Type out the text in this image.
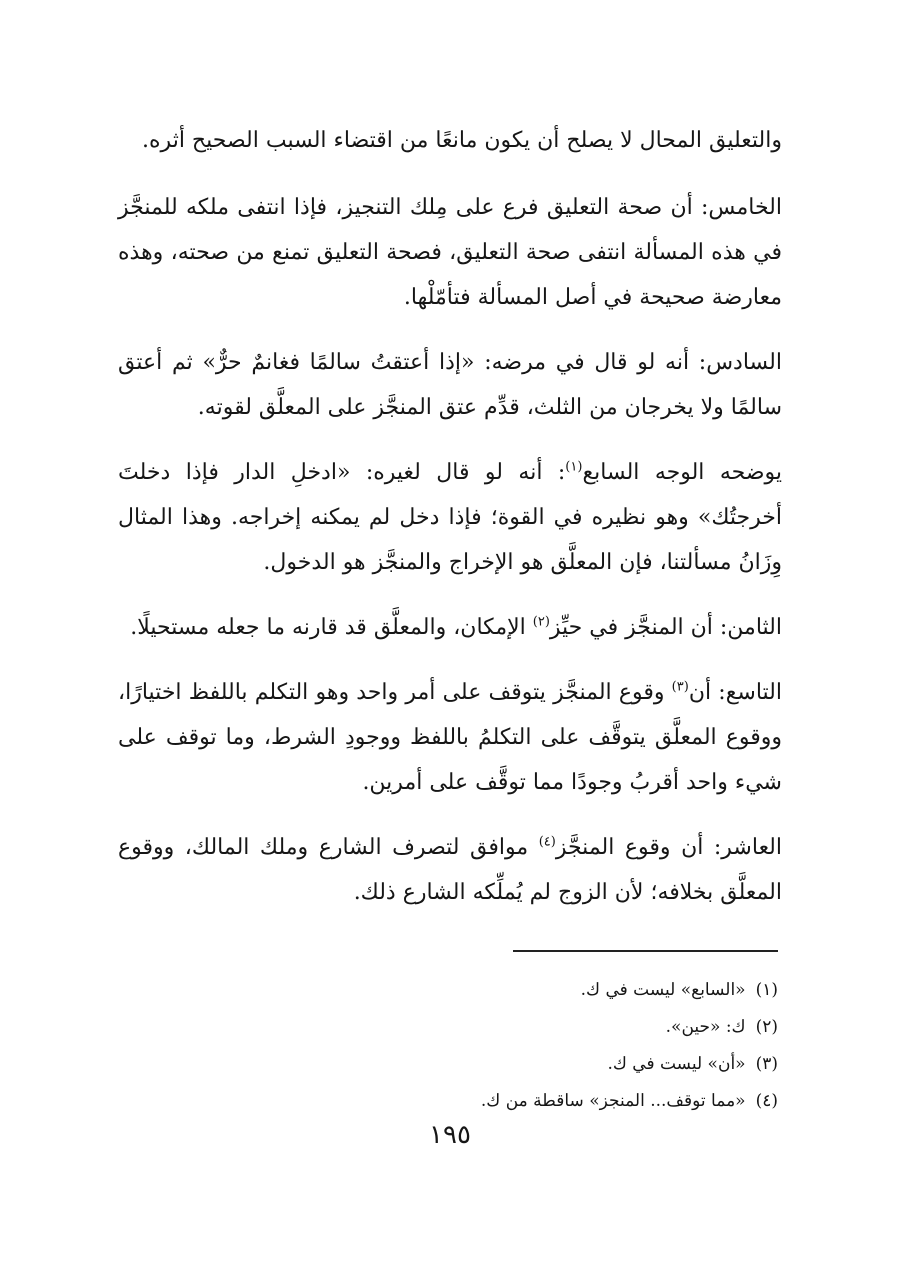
والتعليق المحال لا يصلح أن يكون مانعًا من اقتضاء السبب الصحيح أثره.

الخامس: أن صحة التعليق فرع على مِلك التنجيز، فإذا انتفى ملكه للمنجَّز في هذه المسألة انتفى صحة التعليق، فصحة التعليق تمنع من صحته، وهذه معارضة صحيحة في أصل المسألة فتأمّلْها.

السادس: أنه لو قال في مرضه: «إذا أعتقتُ سالمًا فغانمٌ حرٌّ» ثم أعتق سالمًا ولا يخرجان من الثلث، قدِّم عتق المنجَّز على المعلَّق لقوته.

يوضحه الوجه السابع$^{(١)}$: أنه لو قال لغيره: «ادخلِ الدار فإذا دخلتَ أخرجتُك» وهو نظيره في القوة؛ فإذا دخل لم يمكنه إخراجه. وهذا المثال وِزَانُ مسألتنا، فإن المعلَّق هو الإخراج والمنجَّز هو الدخول.

الثامن: أن المنجَّز في حيِّز$^{(٢)}$ الإمكان، والمعلَّق قد قارنه ما جعله مستحيلًا.

التاسع: أن$^{(٣)}$ وقوع المنجَّز يتوقف على أمر واحد وهو التكلم باللفظ اختيارًا، ووقوع المعلَّق يتوقَّف على التكلمُ باللفظ ووجودِ الشرط، وما توقف على شيء واحد أقربُ وجودًا مما توقَّف على أمرين.

العاشر: أن وقوع المنجَّز$^{(٤)}$ موافق لتصرف الشارع وملك المالك، ووقوع المعلَّق بخلافه؛ لأن الزوج لم يُملِّكه الشارع ذلك.

(١)«السابع» ليست في ك.
(٢)ك: «حين».
(٣)«أن» ليست في ك.
(٤)«مما توقف... المنجز» ساقطة من ك.
١٩٥
